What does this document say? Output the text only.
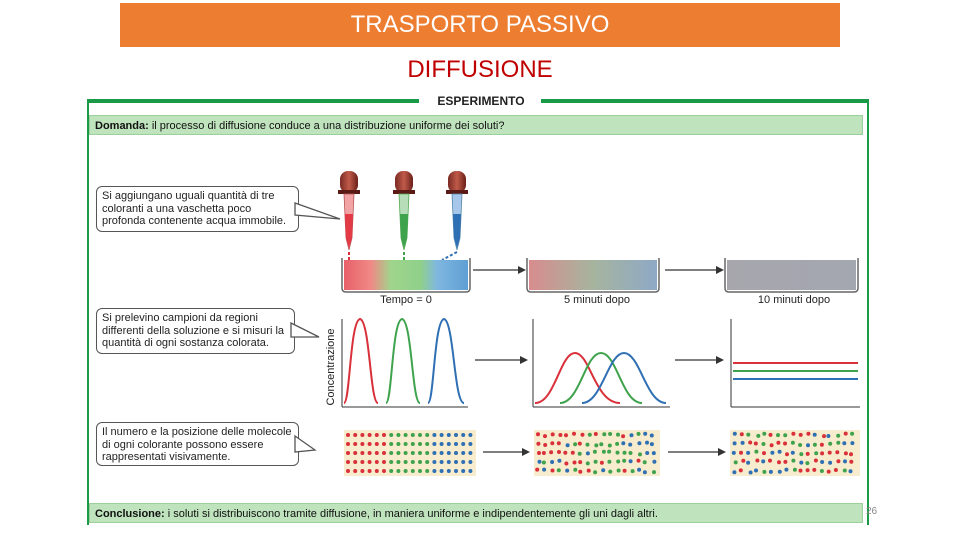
TRASPORTO PASSIVO
DIFFUSIONE
ESPERIMENTO
Domanda: il processo di diffusione conduce a una distribuzione uniforme dei soluti?
Si aggiungano uguali quantità di tre coloranti a una vaschetta poco profonda contenente acqua immobile.
Si prelevino campioni da regioni differenti della soluzione e si misuri la quantità di ogni sostanza colorata.
Il numero e la posizione delle molecole di ogni colorante possono essere rappresentati visivamente.
Conclusione: i soluti si distribuiscono tramite diffusione, in maniera uniforme e indipendentemente gli uni dagli altri.
Tempo = 0	5 minuti dopo	10 minuti dopo
Concentrazione
26
